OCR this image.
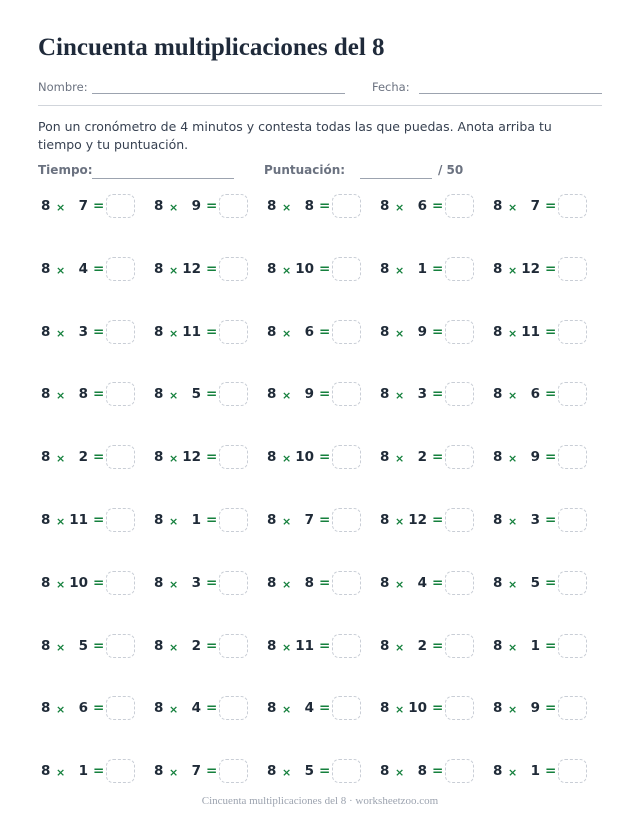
Cincuenta multiplicaciones del 8
Nombre:	Fecha:
Pon un cronómetro de 4 minutos y contesta todas las que puedas. Anota arriba tu tiempo y tu puntuación.
Tiempo:	Puntuación:	/ 50
8 × 7 =	8 × 9 =	8 × 8 =	8 × 6 =	8 × 7 =
8 × 4 =	8 × 12 =	8 × 10 =	8 × 1 =	8 × 12 =
8 × 3 =	8 × 11 =	8 × 6 =	8 × 9 =	8 × 11 =
8 × 8 =	8 × 5 =	8 × 9 =	8 × 3 =	8 × 6 =
8 × 2 =	8 × 12 =	8 × 10 =	8 × 2 =	8 × 9 =
8 × 11 =	8 × 1 =	8 × 7 =	8 × 12 =	8 × 3 =
8 × 10 =	8 × 3 =	8 × 8 =	8 × 4 =	8 × 5 =
8 × 5 =	8 × 2 =	8 × 11 =	8 × 2 =	8 × 1 =
8 × 6 =	8 × 4 =	8 × 4 =	8 × 10 =	8 × 9 =
8 × 1 =	8 × 7 =	8 × 5 =	8 × 8 =	8 × 1 =
Cincuenta multiplicaciones del 8 · worksheetzoo.com
